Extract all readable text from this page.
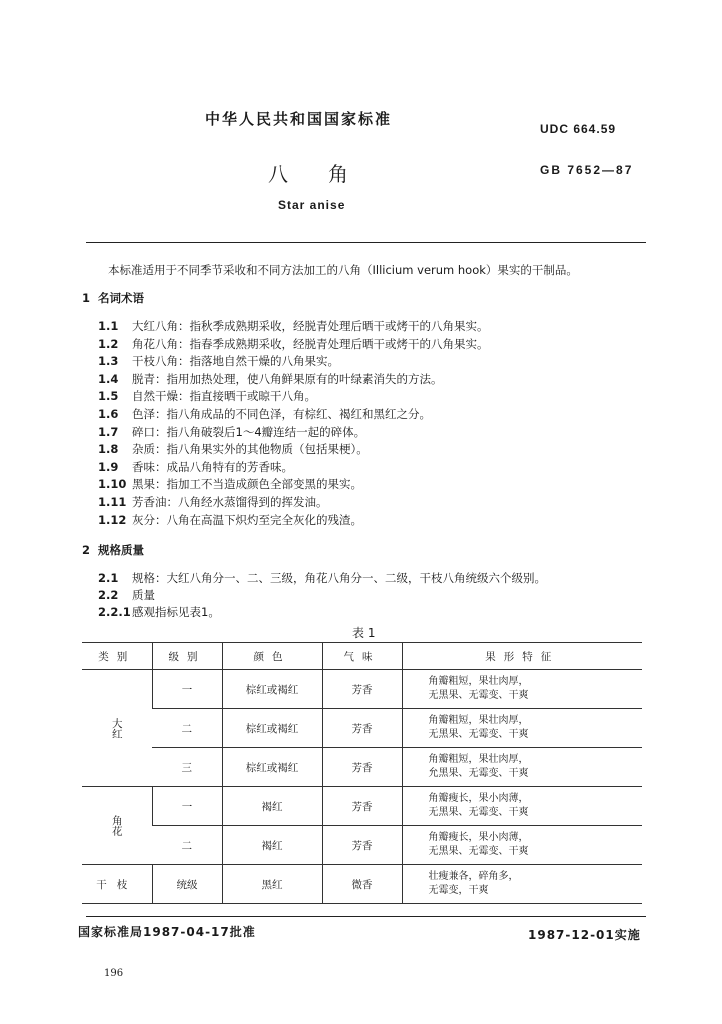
中华人民共和国国家标准
UDC 664.59
八角	GB 7652—87
Star anise
本标准适用于不同季节采收和不同方法加工的八角（Illicium verum hook）果实的干制品。
1 名词术语
1.1 大红八角：指秋季成熟期采收，经脱青处理后晒干或烤干的八角果实。
1.2 角花八角：指春季成熟期采收，经脱青处理后晒干或烤干的八角果实。
1.3 干枝八角：指落地自然干燥的八角果实。
1.4 脱青：指用加热处理，使八角鲜果原有的叶绿素消失的方法。
1.5 自然干燥：指直接晒干或晾干八角。
1.6 色泽：指八角成品的不同色泽，有棕红、褐红和黑红之分。
1.7 碎口：指八角破裂后1～4瓣连结一起的碎体。
1.8 杂质：指八角果实外的其他物质（包括果梗）。
1.9 香味：成品八角特有的芳香味。
1.10 黑果：指加工不当造成颜色全部变黑的果实。
1.11 芳香油：八角经水蒸馏得到的挥发油。
1.12 灰分：八角在高温下炽灼至完全灰化的残渣。
2 规格质量
2.1 规格：大红八角分一、二、三级，角花八角分一、二级，干枝八角统级六个级别。
2.2 质量
2.2.1感观指标见表1。
表 1
类别	级别	颜色	气味	果形特征
大红	一	棕红或褐红	芳香	角瓣粗短，果壮肉厚，
无黑果、无霉变、干爽

	二	棕红或褐红	芳香	角瓣粗短，果壮肉厚，
无黑果、无霉变、干爽

	三	棕红或褐红	芳香	角瓣粗短，果壮肉厚，
允黑果、无霉变、干爽

角花	一	褐红	芳香	角瓣瘦长，果小肉薄，
无黑果、无霉变、干爽

	二	褐红	芳香	角瓣瘦长，果小肉薄，
无黑果、无霉变、干爽

干枝	统级	黑红	微香	壮瘦兼各，碎角多，
无霉变，干爽
国家标准局1987-04-17批准	1987-12-01实施
196
